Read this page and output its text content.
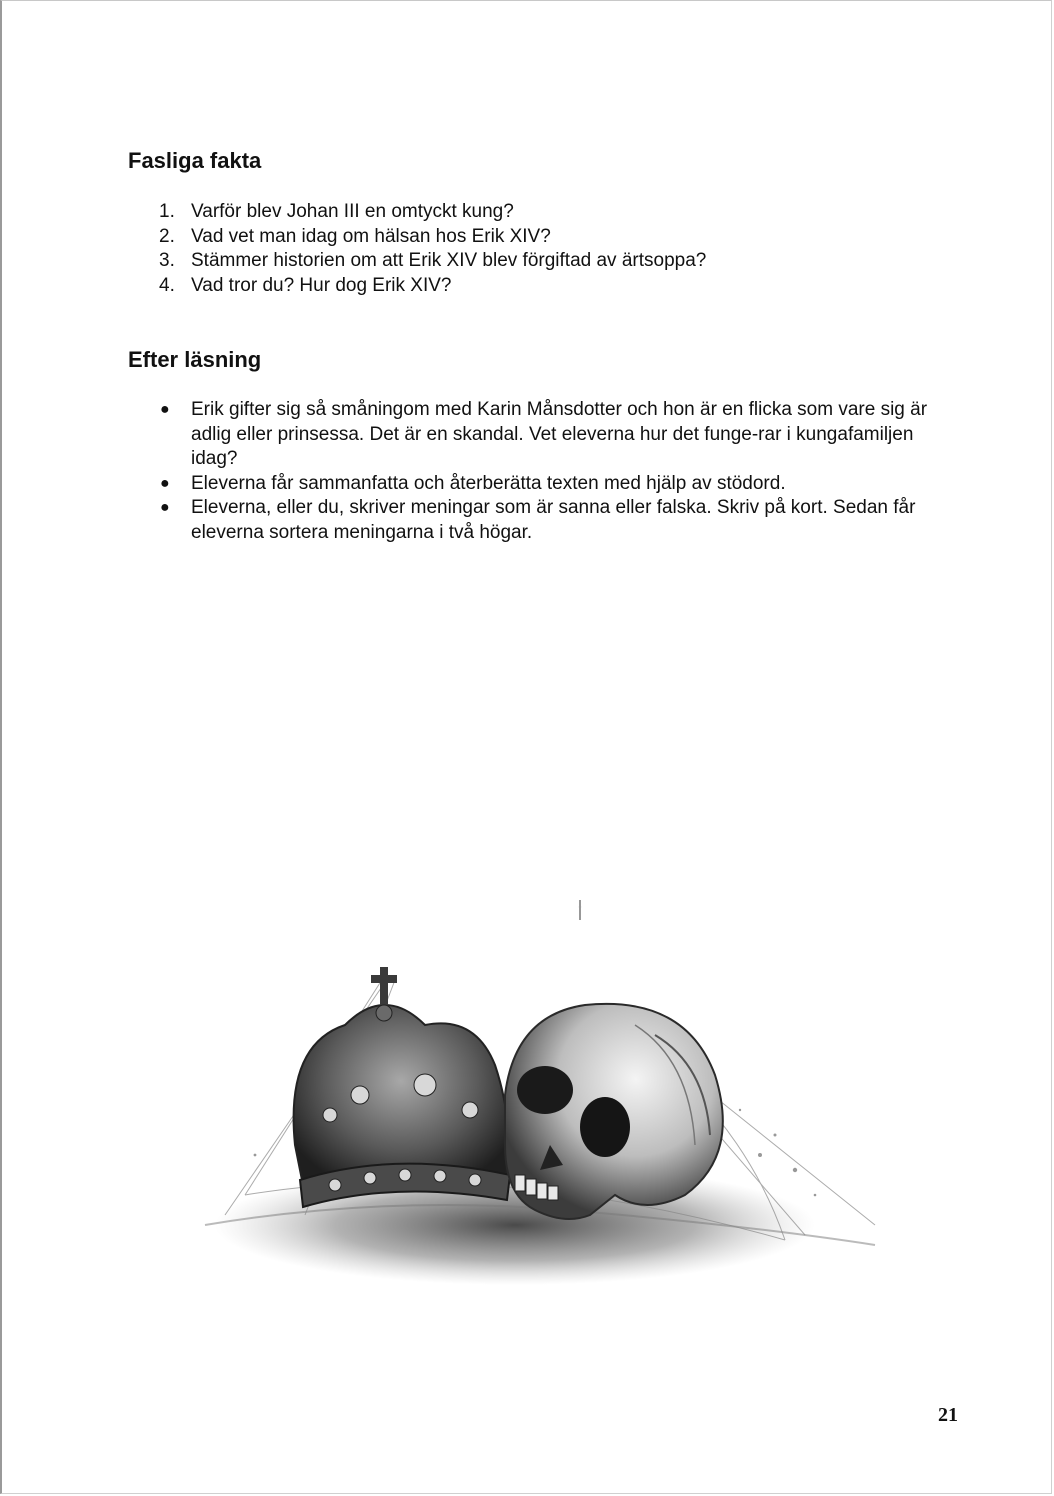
Fasliga fakta
1. Varför blev Johan III en omtyckt kung?
2. Vad vet man idag om hälsan hos Erik XIV?
3. Stämmer historien om att Erik XIV blev förgiftad av ärtsoppa?
4. Vad tror du? Hur dog Erik XIV?
Efter läsning
● Erik gifter sig så småningom med Karin Månsdotter och hon är en flicka som vare sig är adlig eller prinsessa. Det är en skandal. Vet eleverna hur det funge-rar i kungafamiljen idag?
● Eleverna får sammanfatta och återberätta texten med hjälp av stödord.
● Eleverna, eller du, skriver meningar som är sanna eller falska. Skriv på kort. Sedan får eleverna sortera meningarna i två högar.
21
